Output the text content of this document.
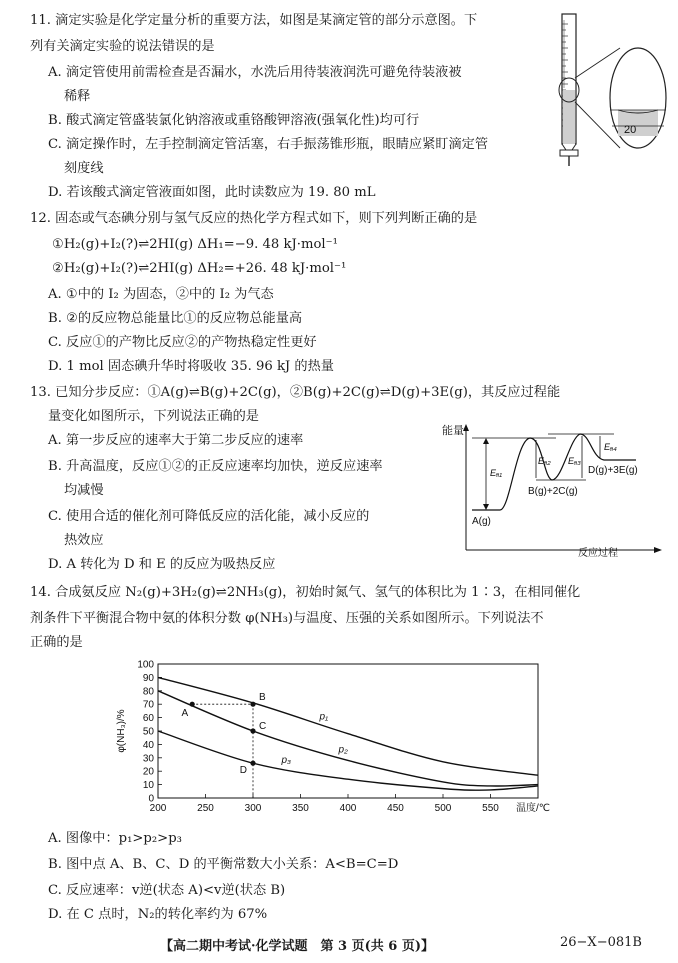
11. 滴定实验是化学定量分析的重要方法，如图是某滴定管的部分示意图。下
列有关滴定实验的说法错误的是
A. 滴定管使用前需检查是否漏水，水洗后用待装液润洗可避免待装液被
稀释
B. 酸式滴定管盛装氯化钠溶液或重铬酸钾溶液(强氧化性)均可行
C. 滴定操作时，左手控制滴定管活塞，右手振荡锥形瓶，眼睛应紧盯滴定管
刻度线
D. 若该酸式滴定管液面如图，此时读数应为 19. 80 mL
20
12. 固态或气态碘分别与氢气反应的热化学方程式如下，则下列判断正确的是
①H₂(g)+I₂(?)⇌2HI(g) ΔH₁=−9. 48 kJ·mol⁻¹
②H₂(g)+I₂(?)⇌2HI(g) ΔH₂=+26. 48 kJ·mol⁻¹
A. ①中的 I₂ 为固态，②中的 I₂ 为气态
B. ②的反应物总能量比①的反应物总能量高
C. 反应①的产物比反应②的产物热稳定性更好
D. 1 mol 固态碘升华时将吸收 35. 96 kJ 的热量
13. 已知分步反应：①A(g)⇌B(g)+2C(g)，②B(g)+2C(g)⇌D(g)+3E(g)，其反应过程能
量变化如图所示，下列说法正确的是
A. 第一步反应的速率大于第二步反应的速率
B. 升高温度，反应①②的正反应速率均加快，逆反应速率
均减慢
C. 使用合适的催化剂可降低反应的活化能，减小反应的
热效应
D. A 转化为 D 和 E 的反应为吸热反应
能量
反应过程
Eₐ₁
Eₐ₂ Eₐ₃
Eₐ₄
A(g)
B(g)+2C(g)
D(g)+3E(g)
14. 合成氨反应 N₂(g)+3H₂(g)⇌2NH₃(g)，初始时氮气、氢气的体积比为 1∶3，在相同催化
剂条件下平衡混合物中氨的体积分数 φ(NH₃)与温度、压强的关系如图所示。下列说法不
正确的是
0
10
20
30
40
50
60
70
80
90
100
200	250	300	350	400	450	500	550 温度/℃
φ(NH₃)/%	p₁
p₂
p₃
A
B
C
D
A. 图像中：p₁>p₂>p₃
B. 图中点 A、B、C、D 的平衡常数大小关系：A<B=C=D
C. 反应速率：v逆(状态 A)<v逆(状态 B)
D. 在 C 点时，N₂的转化率约为 67%
【高二期中考试·化学试题　第 3 页(共 6 页)】	26−X−081B
